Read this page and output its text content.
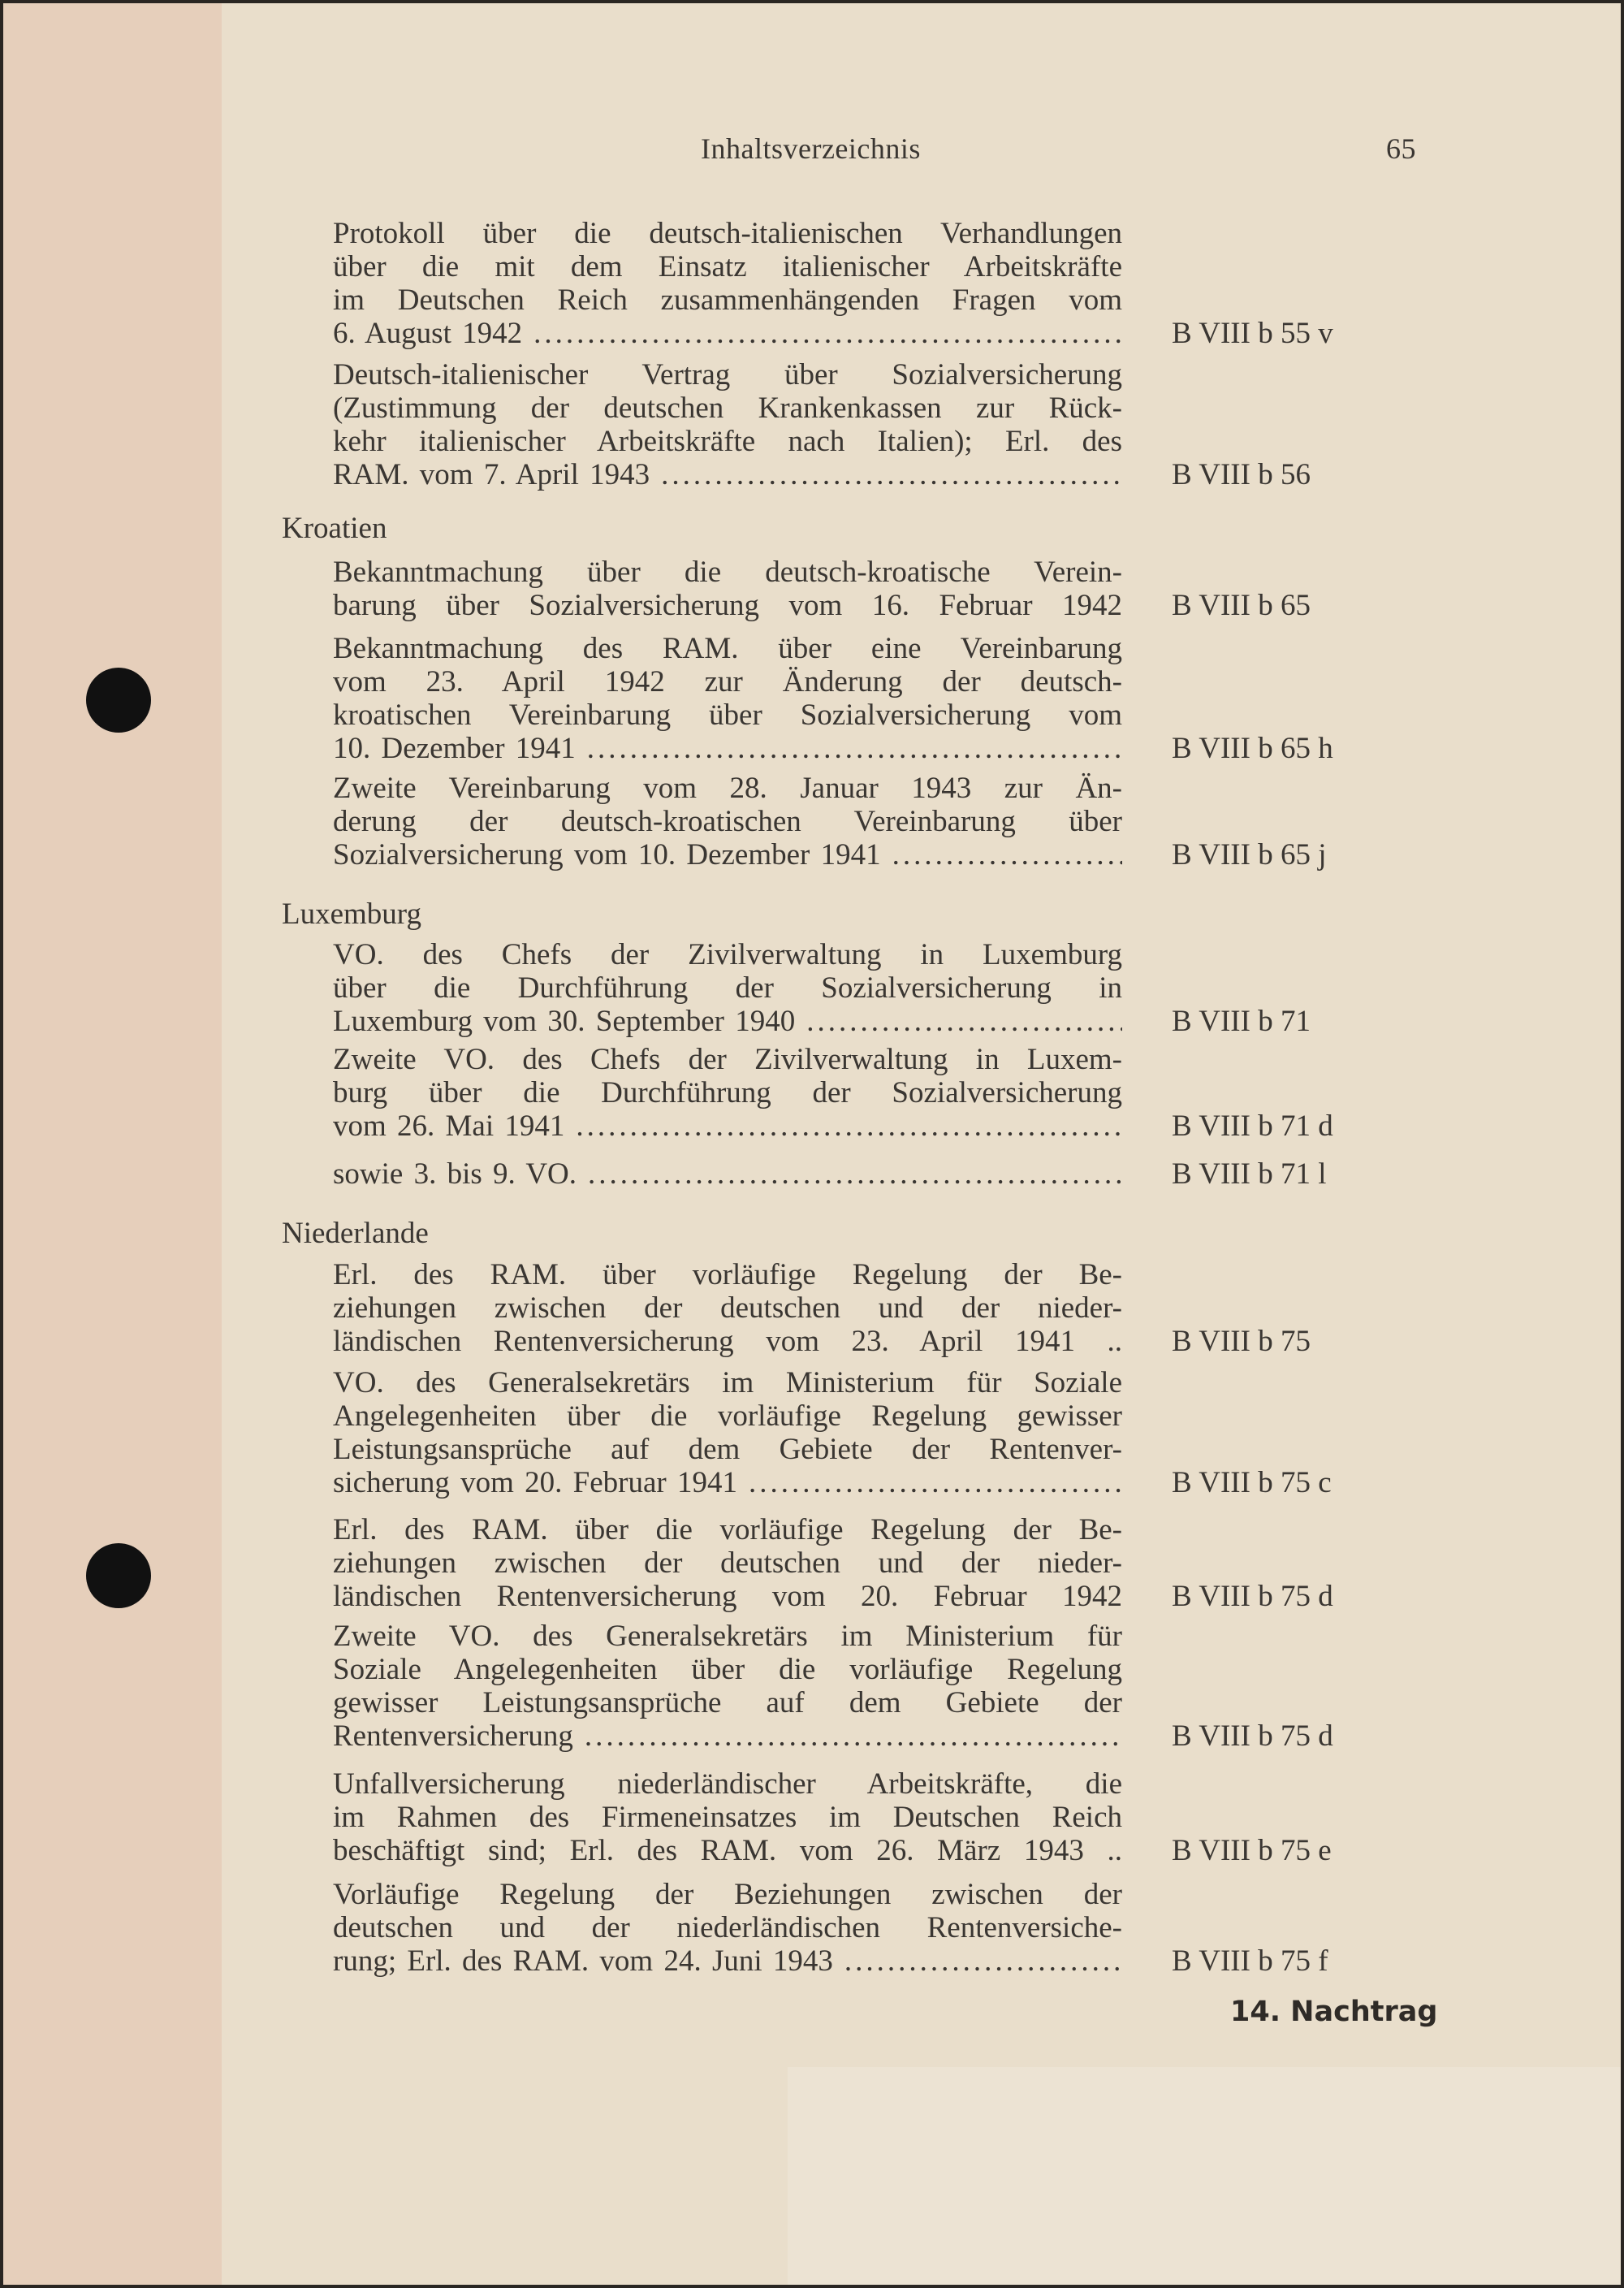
Inhaltsverzeichnis	65
Protokoll über die deutsch-italienischen Verhandlungen
über die mit dem Einsatz italienischer Arbeitskräfte
im Deutschen Reich zusammenhängenden Fragen vom
6. August 1942 .....	B VIII b 55 v
Deutsch-italienischer Vertrag über Sozialversicherung
(Zustimmung der deutschen Krankenkassen zur Rück-
kehr italienischer Arbeitskräfte nach Italien); Erl. des
RAM. vom 7. April 1943 .....	B VIII b 56
Kroatien
Bekanntmachung über die deutsch-kroatische Verein-
barung über Sozialversicherung vom 16. Februar 1942 B VIII b 65
Bekanntmachung des RAM. über eine Vereinbarung
vom 23. April 1942 zur Änderung der deutsch-
kroatischen Vereinbarung über Sozialversicherung vom
10. Dezember 1941 .....	B VIII b 65 h
Zweite Vereinbarung vom 28. Januar 1943 zur Än-
derung der deutsch-kroatischen Vereinbarung über
Sozialversicherung vom 10. Dezember 1941 .....	B VIII b 65 j
Luxemburg
VO. des Chefs der Zivilverwaltung in Luxemburg
über die Durchführung der Sozialversicherung in
Luxemburg vom 30. September 1940 .....	B VIII b 71
Zweite VO. des Chefs der Zivilverwaltung in Luxem-
burg über die Durchführung der Sozialversicherung
vom 26. Mai 1941 .....	B VIII b 71 d
sowie 3. bis 9. VO. .....	B VIII b 71 l
Niederlande
Erl. des RAM. über vorläufige Regelung der Be-
ziehungen zwischen der deutschen und der nieder-
ländischen Rentenversicherung vom 23. April 1941 .. B VIII b 75
VO. des Generalsekretärs im Ministerium für Soziale
Angelegenheiten über die vorläufige Regelung gewisser
Leistungsansprüche auf dem Gebiete der Rentenver-
sicherung vom 20. Februar 1941 .....	B VIII b 75 c
Erl. des RAM. über die vorläufige Regelung der Be-
ziehungen zwischen der deutschen und der nieder-
ländischen Rentenversicherung vom 20. Februar 1942 B VIII b 75 d
Zweite VO. des Generalsekretärs im Ministerium für
Soziale Angelegenheiten über die vorläufige Regelung
gewisser Leistungsansprüche auf dem Gebiete der
Rentenversicherung .....	B VIII b 75 d
Unfallversicherung niederländischer Arbeitskräfte, die
im Rahmen des Firmeneinsatzes im Deutschen Reich
beschäftigt sind; Erl. des RAM. vom 26. März 1943 .. B VIII b 75 e
Vorläufige Regelung der Beziehungen zwischen der
deutschen und der niederländischen Rentenversiche-
rung; Erl. des RAM. vom 24. Juni 1943 .....	B VIII b 75 f
14. Nachtrag
